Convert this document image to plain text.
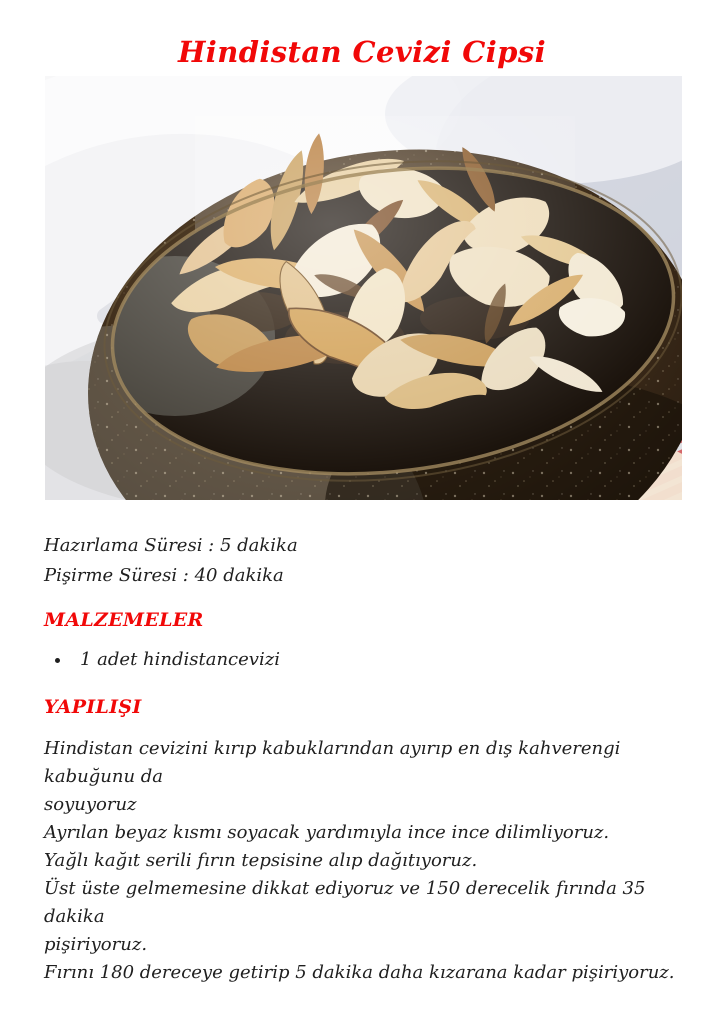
Hindistan Cevizi Cipsi

Hazırlama Süresi : 5 dakika

Pişirme Süresi : 40 dakika

MALZEMELER
• 1 adet hindistancevizi
YAPILIŞI
Hindistan cevizini kırıp kabuklarından ayırıp en dış kahverengi kabuğunu da
soyuyoruz
Ayrılan beyaz kısmı soyacak yardımıyla ince ince dilimliyoruz.
Yağlı kağıt serili fırın tepsisine alıp dağıtıyoruz.
Üst üste gelmemesine dikkat ediyoruz ve 150 derecelik fırında 35 dakika
pişiriyoruz.
Fırını 180 dereceye getirip 5 dakika daha kızarana kadar pişiriyoruz.
